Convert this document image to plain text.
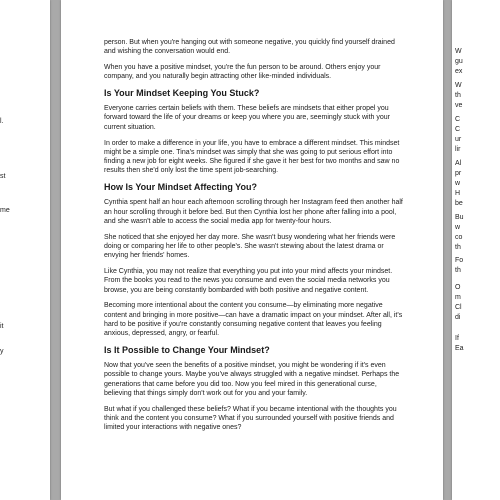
l.
st
me
it
y

person. But when you're hanging out with someone negative, you quickly find yourself drained and wishing the conversation would end.

When you have a positive mindset, you're the fun person to be around. Others enjoy your company, and you naturally begin attracting other like-minded individuals.

Is Your Mindset Keeping You Stuck?

Everyone carries certain beliefs with them. These beliefs are mindsets that either propel you forward toward the life of your dreams or keep you where you are, seemingly stuck with your current situation.

In order to make a difference in your life, you have to embrace a different mindset. This mindset might be a simple one. Tina's mindset was simply that she was going to put serious effort into finding a new job for eight weeks. She figured if she gave it her best for two months and saw no results then she'd only lost the time spent job-searching.

How Is Your Mindset Affecting You?

Cynthia spent half an hour each afternoon scrolling through her Instagram feed then another half an hour scrolling through it before bed. But then Cynthia lost her phone after falling into a pool, and she wasn't able to access the social media app for twenty-four hours.

She noticed that she enjoyed her day more. She wasn't busy wondering what her friends were doing or comparing her life to other people's. She wasn't stewing about the latest drama or envying her friends' homes.

Like Cynthia, you may not realize that everything you put into your mind affects your mindset. From the books you read to the news you consume and even the social media networks you browse, you are being constantly bombarded with both positive and negative content.

Becoming more intentional about the content you consume—by eliminating more negative content and bringing in more positive—can have a dramatic impact on your mindset. After all, it's hard to be positive if you're constantly consuming negative content that leaves you feeling anxious, depressed, angry, or fearful.

Is It Possible to Change Your Mindset?

Now that you've seen the benefits of a positive mindset, you might be wondering if it's even possible to change yours. Maybe you've always struggled with a negative mindset. Perhaps the generations that came before you did too. Now you feel mired in this generational curse, believing that things simply don't work out for you and your family.

But what if you challenged these beliefs? What if you became intentional with the thoughts you think and the content you consume? What if you surrounded yourself with positive friends and limited your interactions with negative ones?

W
gu
ex
W
th
ve
C
C
ur
lir
Al
pr
w
H
be
Bu
w
co
th
Fo
th
O
m
Cl
di
If
Ea
